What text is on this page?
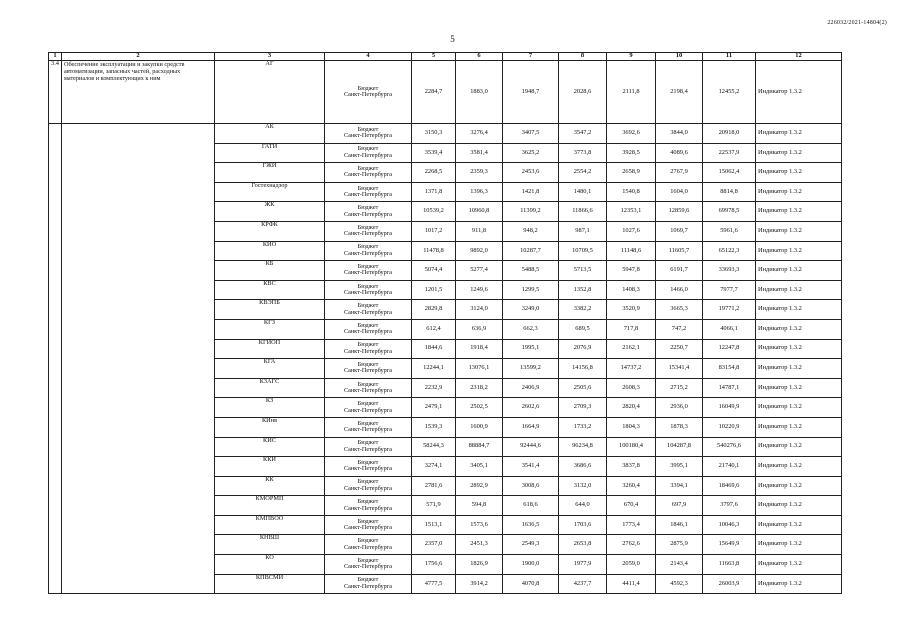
226032/2021-14804(2)
5
1	2	3	4	5	6	7	8	9	10	11	12
3.4	Обеспечение эксплуатации и закупки средств автоматизации, запасных частей, расходных материалов и комплектующих к ним	АГ	Бюджет
Санкт-Петербурга	2284,7	1883,0	1948,7	2028,6	2111,8	2198,4	12455,2	Индикатор 1.3.2
		АК	Бюджет
Санкт-Петербурга	3150,3	3276,4	3407,5	3547,2	3692,6	3844,0	20918,0	Индикатор 1.3.2
		ГАТИ	Бюджет
Санкт-Петербурга	3539,4	3581,4	3625,2	3773,8	3928,5	4089,6	22537,9	Индикатор 1.3.2
		ГЖИ	Бюджет
Санкт-Петербурга	2268,5	2359,3	2453,6	2554,2	2658,9	2767,9	15062,4	Индикатор 1.3.2
		Гостехнадзор	Бюджет
Санкт-Петербурга	1371,8	1396,3	1421,8	1480,1	1540,8	1604,0	8814,8	Индикатор 1.3.2
		ЖК	Бюджет
Санкт-Петербурга	10539,2	10960,8	11399,2	11866,6	12353,1	12859,6	69978,5	Индикатор 1.3.2
		КРФК	Бюджет
Санкт-Петербурга	1017,2	911,8	948,2	987,1	1027,6	1069,7	5961,6	Индикатор 1.3.2
		КИО	Бюджет
Санкт-Петербурга	11478,8	9892,0	10287,7	10709,5	11148,6	11605,7	65122,3	Индикатор 1.3.2
		КБ	Бюджет
Санкт-Петербурга	5074,4	5277,4	5488,5	5713,5	5947,8	6191,7	33693,3	Индикатор 1.3.2
		КВС	Бюджет
Санкт-Петербурга	1201,5	1249,6	1299,5	1352,8	1408,3	1466,0	7977,7	Индикатор 1.3.2
		КВЭПБ	Бюджет
Санкт-Петербурга	2829,8	3124,0	3249,0	3382,2	3520,9	3665,3	19771,2	Индикатор 1.3.2
		КГЗ	Бюджет
Санкт-Петербурга	612,4	636,9	662,3	689,5	717,8	747,2	4066,1	Индикатор 1.3.2
		КГИОП	Бюджет
Санкт-Петербурга	1844,6	1918,4	1995,1	2076,9	2162,1	2250,7	12247,8	Индикатор 1.3.2
		КГА	Бюджет
Санкт-Петербурга	12244,1	13076,1	13599,2	14156,8	14737,2	15341,4	83154,8	Индикатор 1.3.2
		КЗАГС	Бюджет
Санкт-Петербурга	2232,9	2318,2	2406,9	2505,6	2608,3	2715,2	14787,1	Индикатор 1.3.2
		КЗ	Бюджет
Санкт-Петербурга	2479,1	2502,5	2602,6	2709,3	2820,4	2936,0	16049,9	Индикатор 1.3.2
		КИнв	Бюджет
Санкт-Петербурга	1539,3	1600,9	1664,9	1733,2	1804,3	1878,3	10220,9	Индикатор 1.3.2
		КИС	Бюджет
Санкт-Петербурга	58244,3	88884,7	92444,6	96234,8	100180,4	104287,8	540276,6	Индикатор 1.3.2
		ККИ	Бюджет
Санкт-Петербурга	3274,1	3405,1	3541,4	3686,6	3837,8	3995,1	21740,1	Индикатор 1.3.2
		КК	Бюджет
Санкт-Петербурга	2781,6	2892,9	3008,6	3132,0	3260,4	3394,1	18469,6	Индикатор 1.3.2
		КМОРМП	Бюджет
Санкт-Петербурга	571,9	594,8	618,6	644,0	670,4	697,9	3797,6	Индикатор 1.3.2
		КМПВОО	Бюджет
Санкт-Петербурга	1513,1	1573,6	1636,5	1703,6	1773,4	1846,1	10046,3	Индикатор 1.3.2
		КНВШ	Бюджет
Санкт-Петербурга	2357,0	2451,3	2549,3	2653,8	2762,6	2875,9	15649,9	Индикатор 1.3.2
		КО	Бюджет
Санкт-Петербурга	1756,6	1826,9	1900,0	1977,9	2059,0	2143,4	11663,8	Индикатор 1.3.2
		КПВСМИ	Бюджет
Санкт-Петербурга	4777,5	3914,2	4070,8	4237,7	4411,4	4592,3	26003,9	Индикатор 1.3.2
